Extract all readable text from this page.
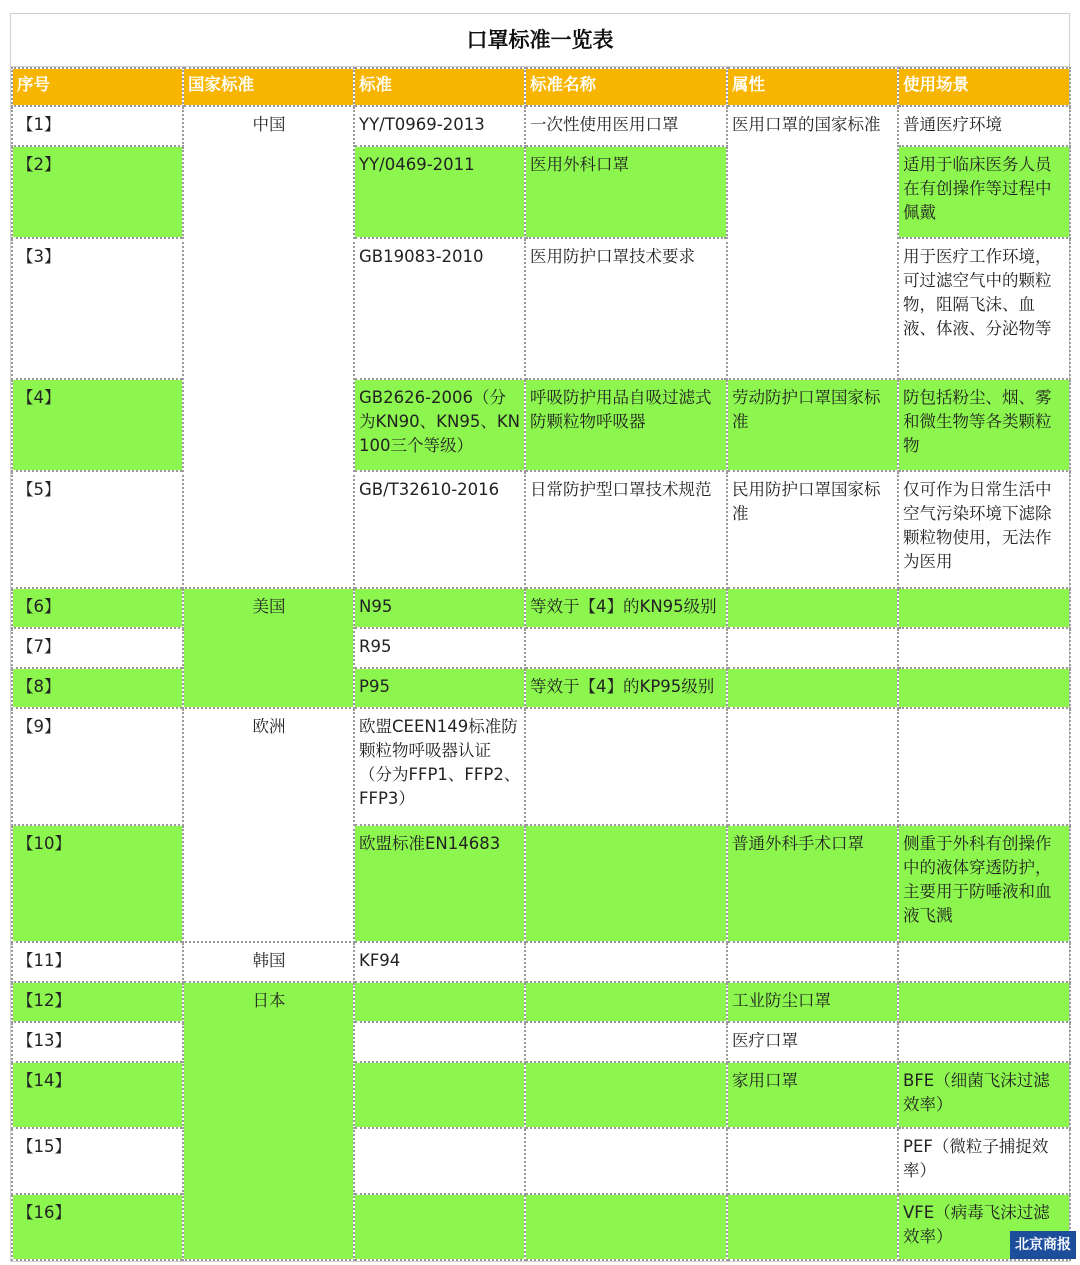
口罩标准一览表
序号	国家标准	标准	标准名称	属性	使用场景
【1】	中国	YY/T0969-2013	一次性使用医用口罩	医用口罩的国家标准	普通医疗环境
【2】		YY/0469-2011	医用外科口罩		适用于临床医务人员在有创操作等过程中佩戴
【3】		GB19083-2010	医用防护口罩技术要求		用于医疗工作环境，可过滤空气中的颗粒物，阻隔飞沫、血液、体液、分泌物等
【4】		GB2626-2006（分为KN90、KN95、KN100三个等级）	呼吸防护用品自吸过滤式防颗粒物呼吸器	劳动防护口罩国家标准	防包括粉尘、烟、雾和微生物等各类颗粒物
【5】		GB/T32610-2016	日常防护型口罩技术规范	民用防护口罩国家标准	仅可作为日常生活中空气污染环境下滤除颗粒物使用，无法作为医用
【6】	美国	N95	等效于【4】的KN95级别		
【7】		R95			
【8】		P95	等效于【4】的KP95级别		
【9】	欧洲	欧盟CEEN149标准防颗粒物呼吸器认证（分为FFP1、FFP2、FFP3）			
【10】		欧盟标准EN14683		普通外科手术口罩	侧重于外科有创操作中的液体穿透防护，主要用于防唾液和血液飞溅
【11】	韩国	KF94			
【12】	日本			工业防尘口罩	
【13】				医疗口罩	
【14】				家用口罩	BFE（细菌飞沫过滤效率）
【15】					PEF（微粒子捕捉效率）
【16】					VFE（病毒飞沫过滤效率）	北京商报
